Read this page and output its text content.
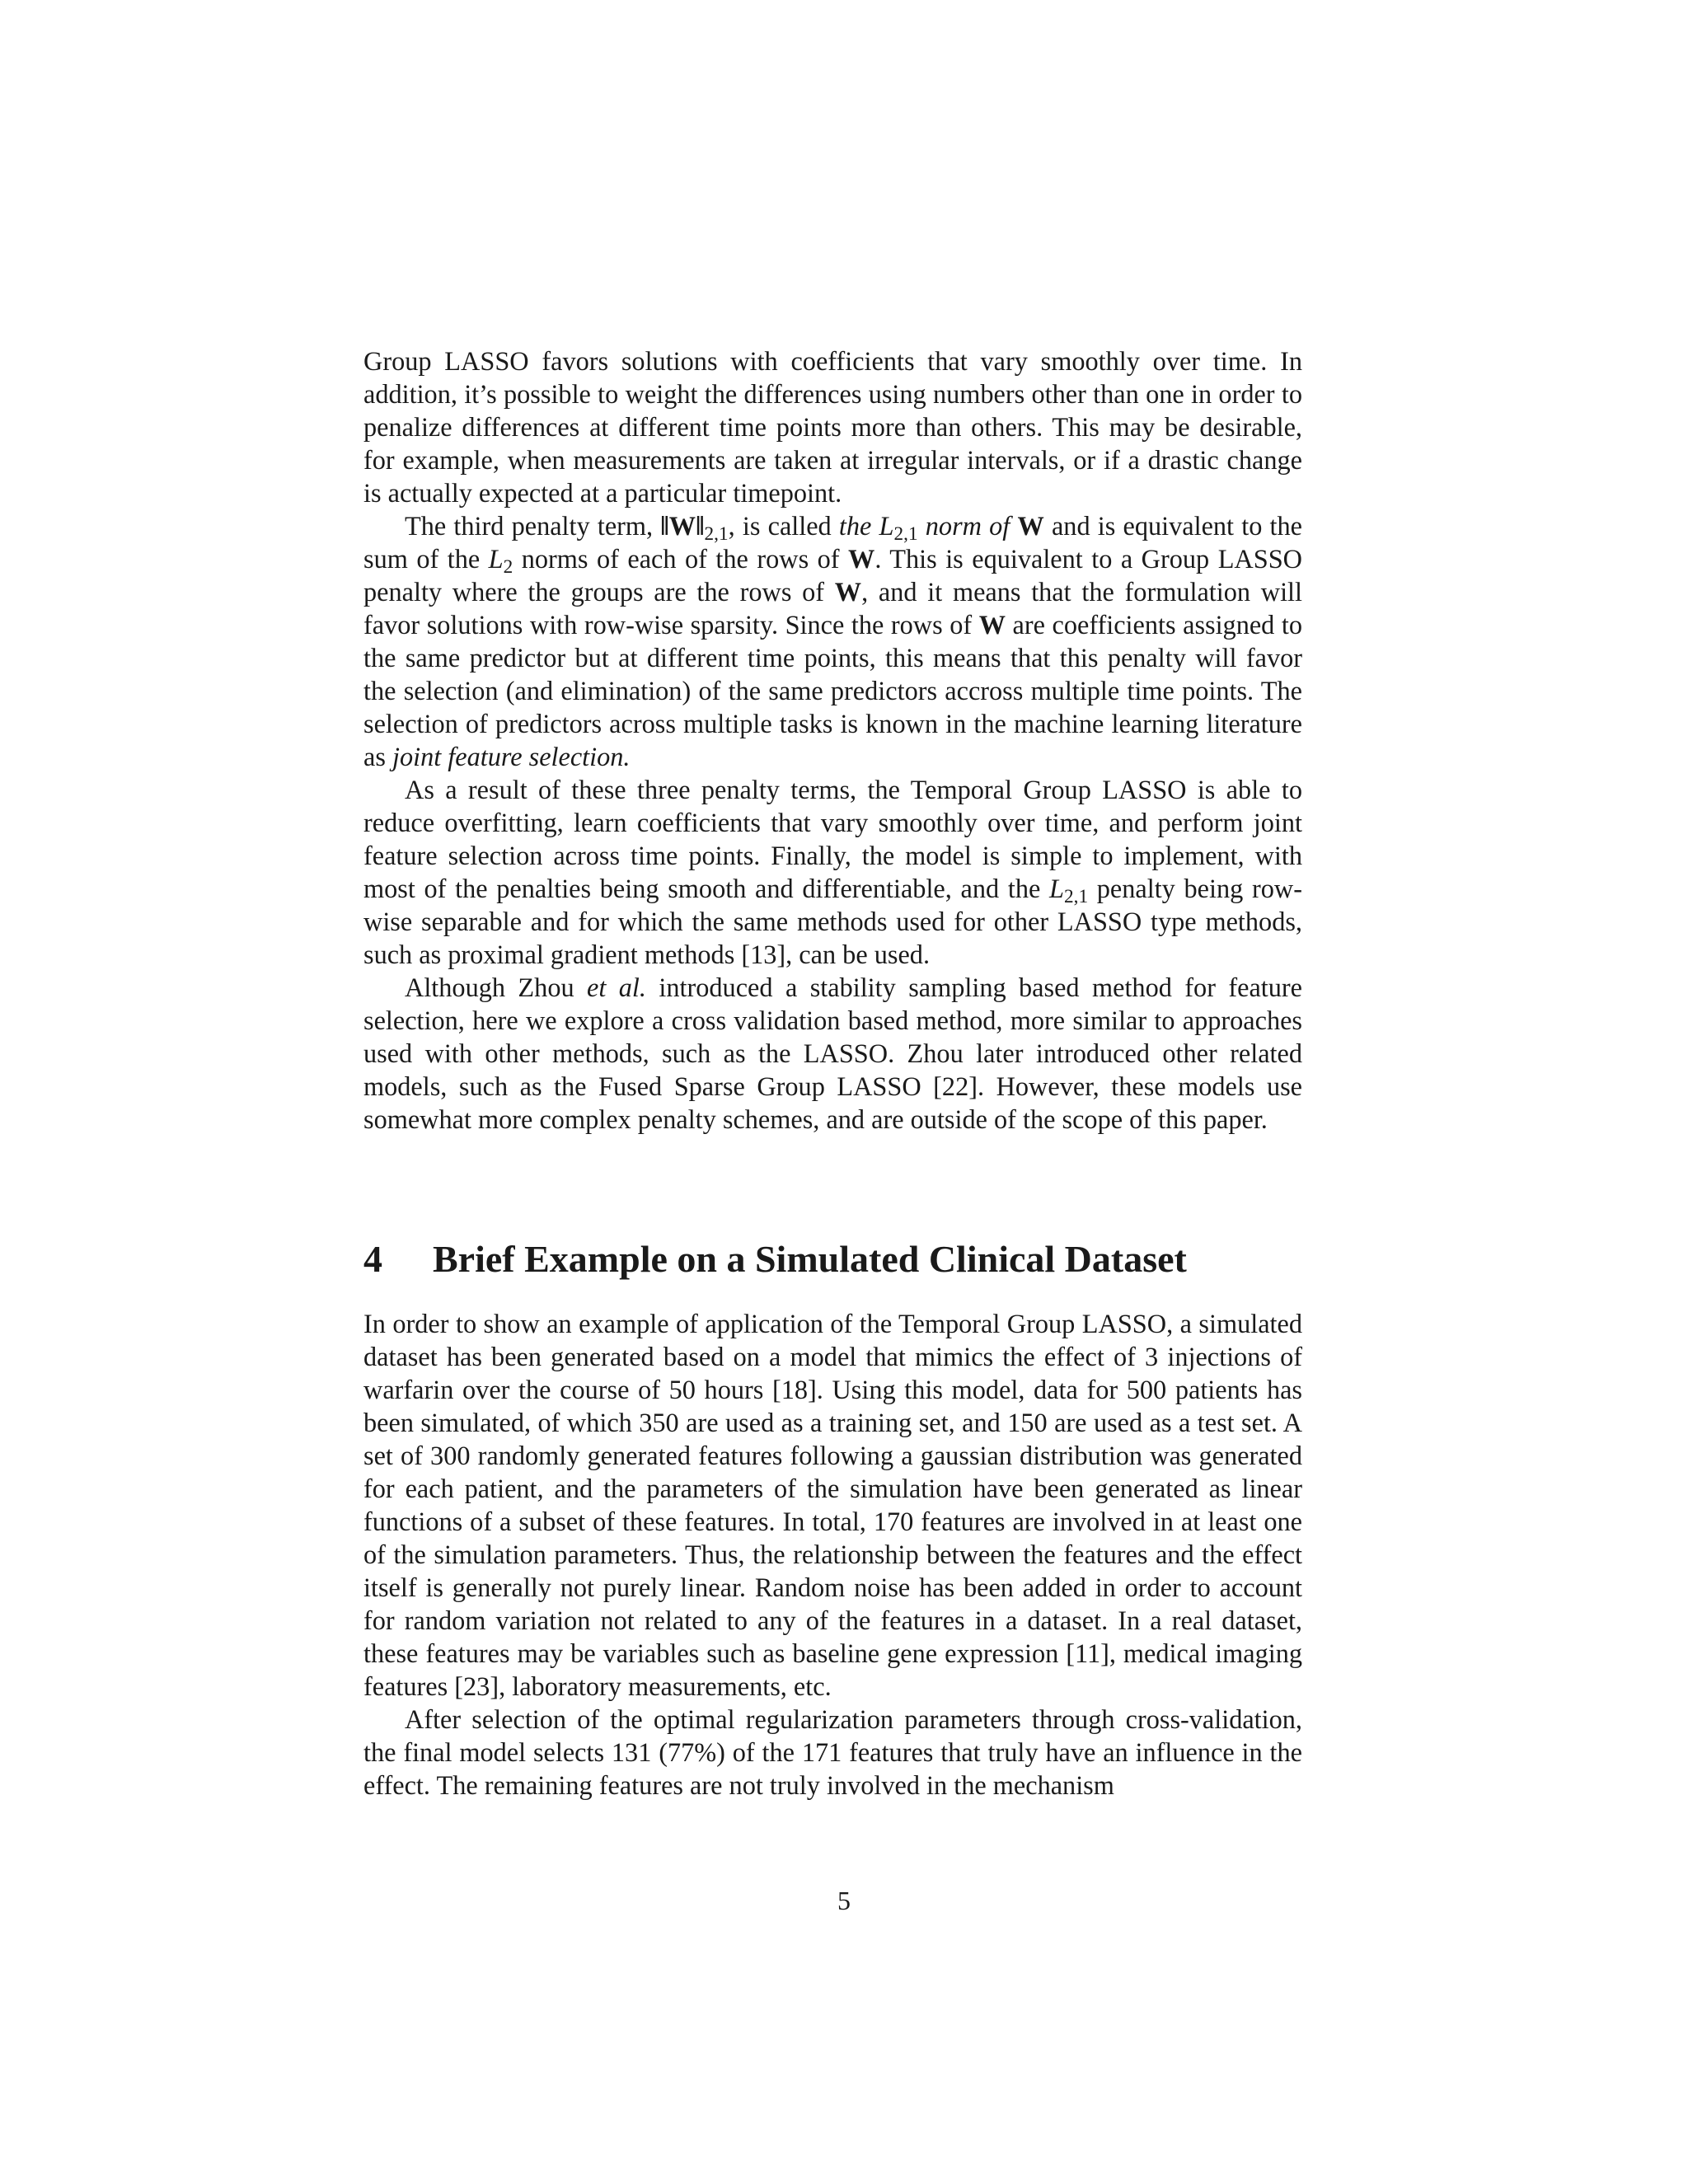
Group LASSO favors solutions with coefficients that vary smoothly over time. In addition, it’s possible to weight the differences using numbers other than one in order to penalize differences at different time points more than others. This may be desirable, for example, when measurements are taken at irregular intervals, or if a drastic change is actually expected at a particular timepoint.

The third penalty term, $‖W‖_{2,1}$, is called the $L_{2,1}$ norm of W and is equivalent to the sum of the $L_2$ norms of each of the rows of W. This is equivalent to a Group LASSO penalty where the groups are the rows of W, and it means that the formulation will favor solutions with row-wise sparsity. Since the rows of W are coefficients assigned to the same predictor but at different time points, this means that this penalty will favor the selection (and elimination) of the same predictors accross multiple time points. The selection of predictors across multiple tasks is known in the machine learning literature as joint feature selection.

As a result of these three penalty terms, the Temporal Group LASSO is able to reduce overfitting, learn coefficients that vary smoothly over time, and perform joint feature selection across time points. Finally, the model is simple to implement, with most of the penalties being smooth and differentiable, and the $L_{2,1}$ penalty being row-wise separable and for which the same methods used for other LASSO type methods, such as proximal gradient methods [13], can be used.

Although Zhou et al. introduced a stability sampling based method for feature selection, here we explore a cross validation based method, more similar to approaches used with other methods, such as the LASSO. Zhou later introduced other related models, such as the Fused Sparse Group LASSO [22]. However, these models use somewhat more complex penalty schemes, and are outside of the scope of this paper.

4 Brief Example on a Simulated Clinical Dataset

In order to show an example of application of the Temporal Group LASSO, a simulated dataset has been generated based on a model that mimics the effect of 3 injections of warfarin over the course of 50 hours [18]. Using this model, data for 500 patients has been simulated, of which 350 are used as a training set, and 150 are used as a test set. A set of 300 randomly generated features following a gaussian distribution was generated for each patient, and the parameters of the simulation have been generated as linear functions of a subset of these features. In total, 170 features are involved in at least one of the simulation parameters. Thus, the relationship between the features and the effect itself is generally not purely linear. Random noise has been added in order to account for random variation not related to any of the features in a dataset. In a real dataset, these features may be variables such as baseline gene expression [11], medical imaging features [23], laboratory measurements, etc.

After selection of the optimal regularization parameters through cross-validation, the final model selects 131 (77%) of the 171 features that truly have an influence in the effect. The remaining features are not truly involved in the mechanism

5
